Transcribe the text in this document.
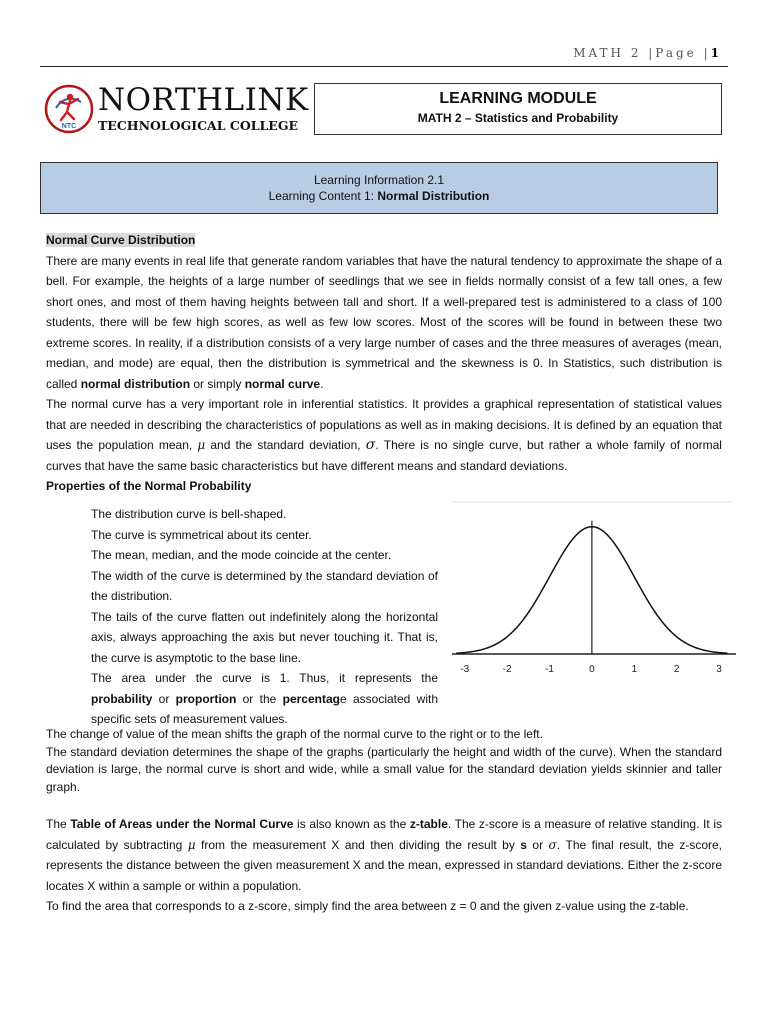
MATH 2 |Page |1
NTC
NORTHLINK
TECHNOLOGICAL COLLEGE
LEARNING MODULE
MATH 2 – Statistics and Probability
Learning Information 2.1
Learning Content 1: Normal Distribution
Normal Curve Distribution
There are many events in real life that generate random variables that have the natural tendency to approximate the shape of a bell. For example, the heights of a large number of seedlings that we see in fields normally consist of a few tall ones, a few short ones, and most of them having heights between tall and short. If a well-prepared test is administered to a class of 100 students, there will be few high scores, as well as few low scores. Most of the scores will be found in between these two extreme scores. In reality, if a distribution consists of a very large number of cases and the three measures of averages (mean, median, and mode) are equal, then the distribution is symmetrical and the skewness is 0. In Statistics, such distribution is called normal distribution or simply normal curve.
The normal curve has a very important role in inferential statistics. It provides a graphical representation of statistical values that are needed in describing the characteristics of populations as well as in making decisions. It is defined by an equation that uses the population mean, μ and the standard deviation, σ. There is no single curve, but rather a whole family of normal curves that have the same basic characteristics but have different means and standard deviations.
Properties of the Normal Probability
The distribution curve is bell-shaped.
The curve is symmetrical about its center.
The mean, median, and the mode coincide at the center.
The width of the curve is determined by the standard deviation of the distribution.
The tails of the curve flatten out indefinitely along the horizontal axis, always approaching the axis but never touching it. That is, the curve is asymptotic to the base line.
The area under the curve is 1. Thus, it represents the probability or proportion or the percentage associated with specific sets of measurement values.
-3	-2	-1	0	1	2	3
The change of value of the mean shifts the graph of the normal curve to the right or to the left.
The standard deviation determines the shape of the graphs (particularly the height and width of the curve). When the standard deviation is large, the normal curve is short and wide, while a small value for the standard deviation yields skinnier and taller graph.
The Table of Areas under the Normal Curve is also known as the z-table. The z-score is a measure of relative standing. It is calculated by subtracting μ from the measurement X and then dividing the result by s or σ. The final result, the z-score, represents the distance between the given measurement X and the mean, expressed in standard deviations. Either the z-score locates X within a sample or within a population.
To find the area that corresponds to a z-score, simply find the area between z = 0 and the given z-value using the z-table.
